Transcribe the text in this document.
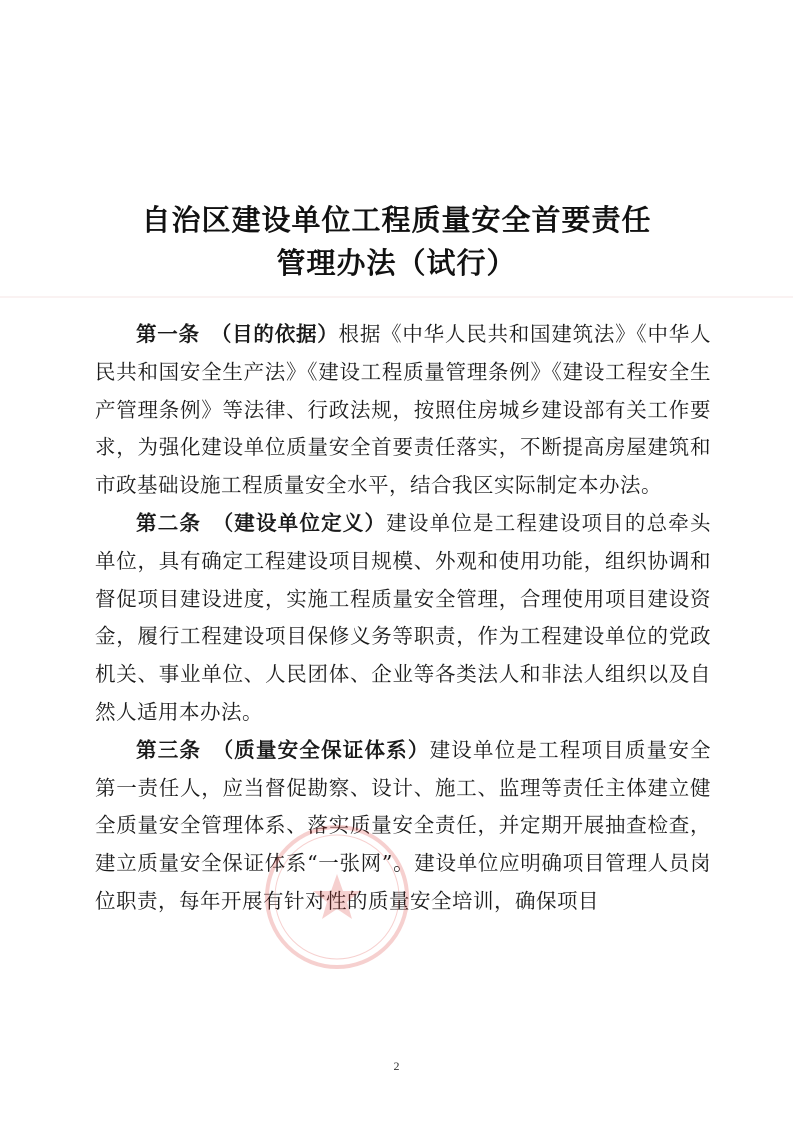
自治区建设单位工程质量安全首要责任
管理办法（试行）

第一条　 （目的依据）根据《中华人民共和国建筑法》《中华人民共和国安全生产法》《建设工程质量管理条例》《建设工程安全生产管理条例》等法律、行政法规，按照住房城乡建设部有关工作要求，为强化建设单位质量安全首要责任落实，不断提高房屋建筑和市政基础设施工程质量安全水平，结合我区实际制定本办法。

第二条　 （建设单位定义）建设单位是工程建设项目的总牵头单位，具有确定工程建设项目规模、外观和使用功能，组织协调和督促项目建设进度，实施工程质量安全管理，合理使用项目建设资金，履行工程建设项目保修义务等职责，作为工程建设单位的党政机关、事业单位、人民团体、企业等各类法人和非法人组织以及自然人适用本办法。

第三条　 （质量安全保证体系）建设单位是工程项目质量安全第一责任人，应当督促勘察、设计、施工、监理等责任主体建立健全质量安全管理体系、落实质量安全责任，并定期开展抽查检查，建立质量安全保证体系“一张网”。建设单位应明确项目管理人员岗位职责，每年开展有针对性的质量安全培训，确保项目

2
